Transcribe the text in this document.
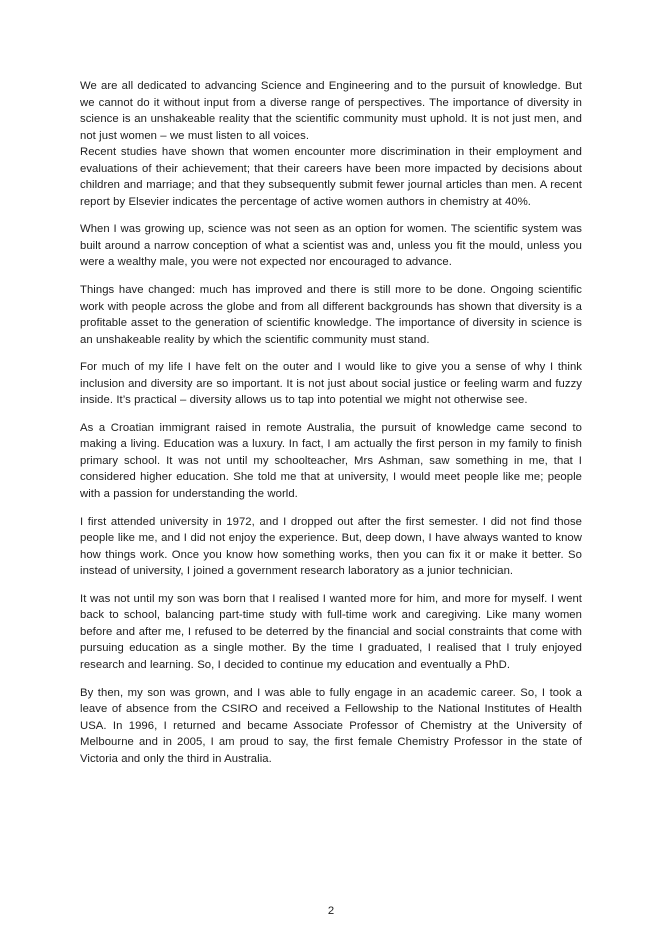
We are all dedicated to advancing Science and Engineering and to the pursuit of knowledge. But we cannot do it without input from a diverse range of perspectives. The importance of diversity in science is an unshakeable reality that the scientific community must uphold. It is not just men, and not just women – we must listen to all voices.

Recent studies have shown that women encounter more discrimination in their employment and evaluations of their achievement; that their careers have been more impacted by decisions about children and marriage; and that they subsequently submit fewer journal articles than men. A recent report by Elsevier indicates the percentage of active women authors in chemistry at 40%.

When I was growing up, science was not seen as an option for women. The scientific system was built around a narrow conception of what a scientist was and, unless you fit the mould, unless you were a wealthy male, you were not expected nor encouraged to advance.

Things have changed: much has improved and there is still more to be done. Ongoing scientific work with people across the globe and from all different backgrounds has shown that diversity is a profitable asset to the generation of scientific knowledge. The importance of diversity in science is an unshakeable reality by which the scientific community must stand.

For much of my life I have felt on the outer and I would like to give you a sense of why I think inclusion and diversity are so important. It is not just about social justice or feeling warm and fuzzy inside. It’s practical – diversity allows us to tap into potential we might not otherwise see.

As a Croatian immigrant raised in remote Australia, the pursuit of knowledge came second to making a living. Education was a luxury. In fact, I am actually the first person in my family to finish primary school. It was not until my schoolteacher, Mrs Ashman, saw something in me, that I considered higher education. She told me that at university, I would meet people like me; people with a passion for understanding the world.

I first attended university in 1972, and I dropped out after the first semester. I did not find those people like me, and I did not enjoy the experience. But, deep down, I have always wanted to know how things work. Once you know how something works, then you can fix it or make it better. So instead of university, I joined a government research laboratory as a junior technician.

It was not until my son was born that I realised I wanted more for him, and more for myself. I went back to school, balancing part-time study with full-time work and caregiving. Like many women before and after me, I refused to be deterred by the financial and social constraints that come with pursuing education as a single mother. By the time I graduated, I realised that I truly enjoyed research and learning. So, I decided to continue my education and eventually a PhD.

By then, my son was grown, and I was able to fully engage in an academic career. So, I took a leave of absence from the CSIRO and received a Fellowship to the National Institutes of Health USA. In 1996, I returned and became Associate Professor of Chemistry at the University of Melbourne and in 2005, I am proud to say, the first female Chemistry Professor in the state of Victoria and only the third in Australia.

2
